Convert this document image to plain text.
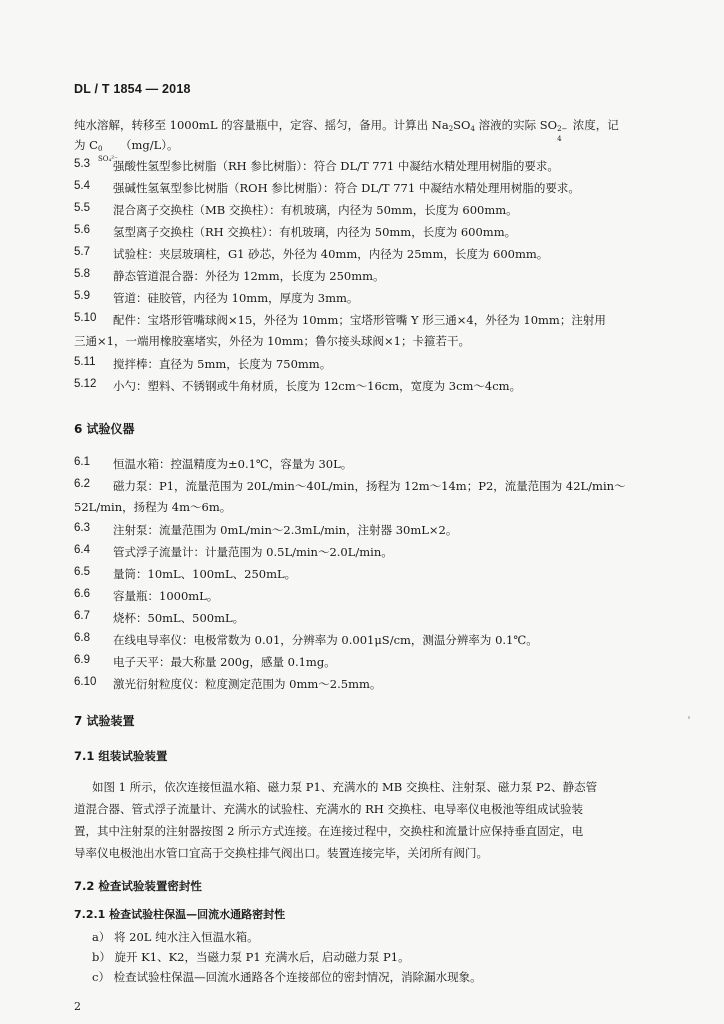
DL / T 1854 — 2018
纯水溶解，转移至 1000mL 的容量瓶中，定容、摇匀，备用。计算出 $Na_2SO_4$ 溶液的实际 SO 2−
4
浓度，记
为 C 0
SO₄²⁻
（mg/L）。
5.3 强酸性氢型参比树脂（RH 参比树脂）：符合 DL/T 771 中凝结水精处理用树脂的要求。
5.4 强碱性氢氧型参比树脂（ROH 参比树脂）：符合 DL/T 771 中凝结水精处理用树脂的要求。
5.5 混合离子交换柱（MB 交换柱）：有机玻璃，内径为 50mm，长度为 600mm。
5.6 氢型离子交换柱（RH 交换柱）：有机玻璃，内径为 50mm，长度为 600mm。
5.7 试验柱：夹层玻璃柱，G1 砂芯，外径为 40mm，内径为 25mm，长度为 600mm。
5.8 静态管道混合器：外径为 12mm，长度为 250mm。
5.9 管道：硅胶管，内径为 10mm，厚度为 3mm。
5.10 配件：宝塔形管嘴球阀×15，外径为 10mm；宝塔形管嘴 Y 形三通×4，外径为 10mm；注射用
三通×1，一端用橡胶塞堵实，外径为 10mm；鲁尔接头球阀×1；卡箍若干。
5.11 搅拌棒：直径为 5mm，长度为 750mm。
5.12 小勺：塑料、不锈钢或牛角材质，长度为 12cm～16cm，宽度为 3cm～4cm。
6 试验仪器
6.1 恒温水箱：控温精度为±0.1℃，容量为 30L。
6.2 磁力泵：P1，流量范围为 20L/min～40L/min，扬程为 12m～14m；P2，流量范围为 42L/min～
52L/min，扬程为 4m～6m。
6.3 注射泵：流量范围为 0mL/min～2.3mL/min，注射器 30mL×2。
6.4 管式浮子流量计：计量范围为 0.5L/min～2.0L/min。
6.5 量筒：10mL、100mL、250mL。
6.6 容量瓶：1000mL。
6.7 烧杯：50mL、500mL。
6.8 在线电导率仪：电极常数为 0.01，分辨率为 0.001μS/cm，测温分辨率为 0.1℃。
6.9 电子天平：最大称量 200g，感量 0.1mg。
6.10 激光衍射粒度仪：粒度测定范围为 0mm～2.5mm。
7 试验装置
7.1 组装试验装置
如图 1 所示，依次连接恒温水箱、磁力泵 P1、充满水的 MB 交换柱、注射泵、磁力泵 P2、静态管
道混合器、管式浮子流量计、充满水的试验柱、充满水的 RH 交换柱、电导率仪电极池等组成试验装
置，其中注射泵的注射器按图 2 所示方式连接。在连接过程中，交换柱和流量计应保持垂直固定，电
导率仪电极池出水管口宜高于交换柱排气阀出口。装置连接完毕，关闭所有阀门。
7.2 检查试验装置密封性
7.2.1 检查试验柱保温—回流水通路密封性
a） 将 20L 纯水注入恒温水箱。
b） 旋开 K1、K2，当磁力泵 P1 充满水后，启动磁力泵 P1。
c） 检查试验柱保温—回流水通路各个连接部位的密封情况，消除漏水现象。
2
